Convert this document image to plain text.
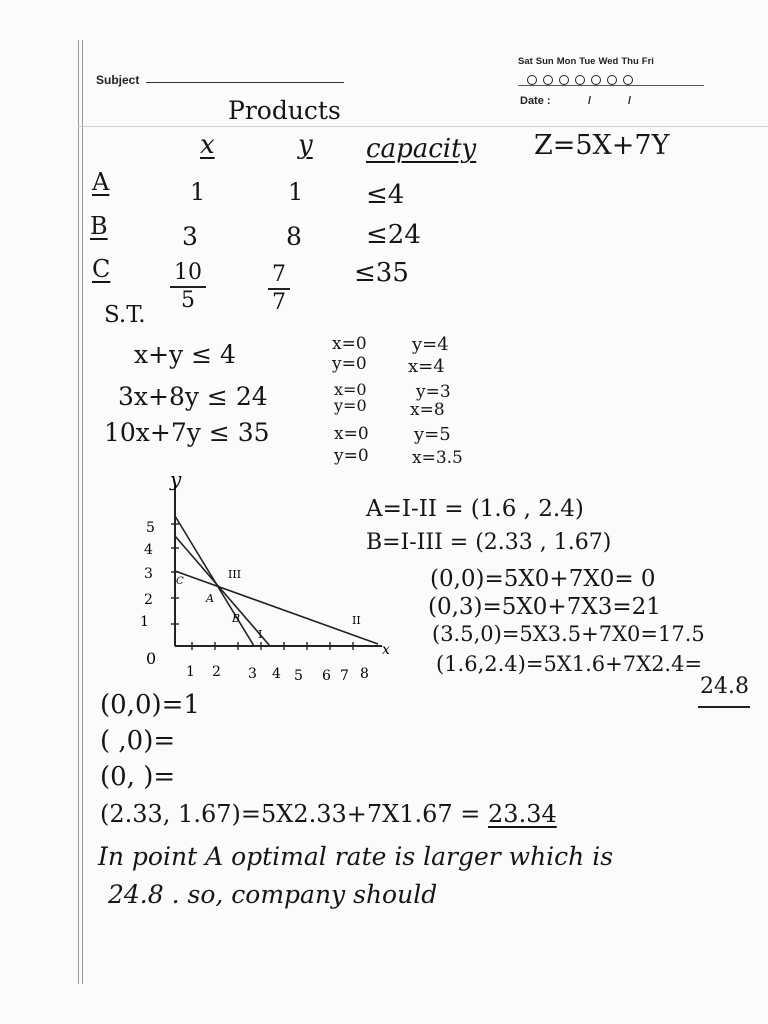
Subject
Sat Sun Mon Tue Wed Thu Fri
Date :	/	/
Products
x	y capacity Z=5X+7Y
A	1	1 ≤4
B	3	8 ≤24
C	$\frac{10}{5}$	$\frac{7}{7} \le 35$
S.T.
x+y ≤ 4
3x+8y ≤ 24
10x+7y ≤ 35
x=0	y=4
y=0 x=4
x=0	y=3
y=0	x=8
x=0	y=5
y=0	x=3.5
y
x
0
1 2 3 4 5 6 7 8
1
2
3
4
5
I
II
III
A
B
C
A=I-II = (1.6 , 2.4)
B=I-III = (2.33 , 1.67)
(0,0)=5X0+7X0= 0
(0,3)=5X0+7X3=21
(3.5,0)=5X3.5+7X0=17.5
(1.6,2.4)=5X1.6+7X2.4=
24.8
(0,0)=1
( ,0)=
(0, )=
(2.33, 1.67)=5X2.33+7X1.67 = 23.34
In point A optimal rate is larger which is
24.8 . so, company should
